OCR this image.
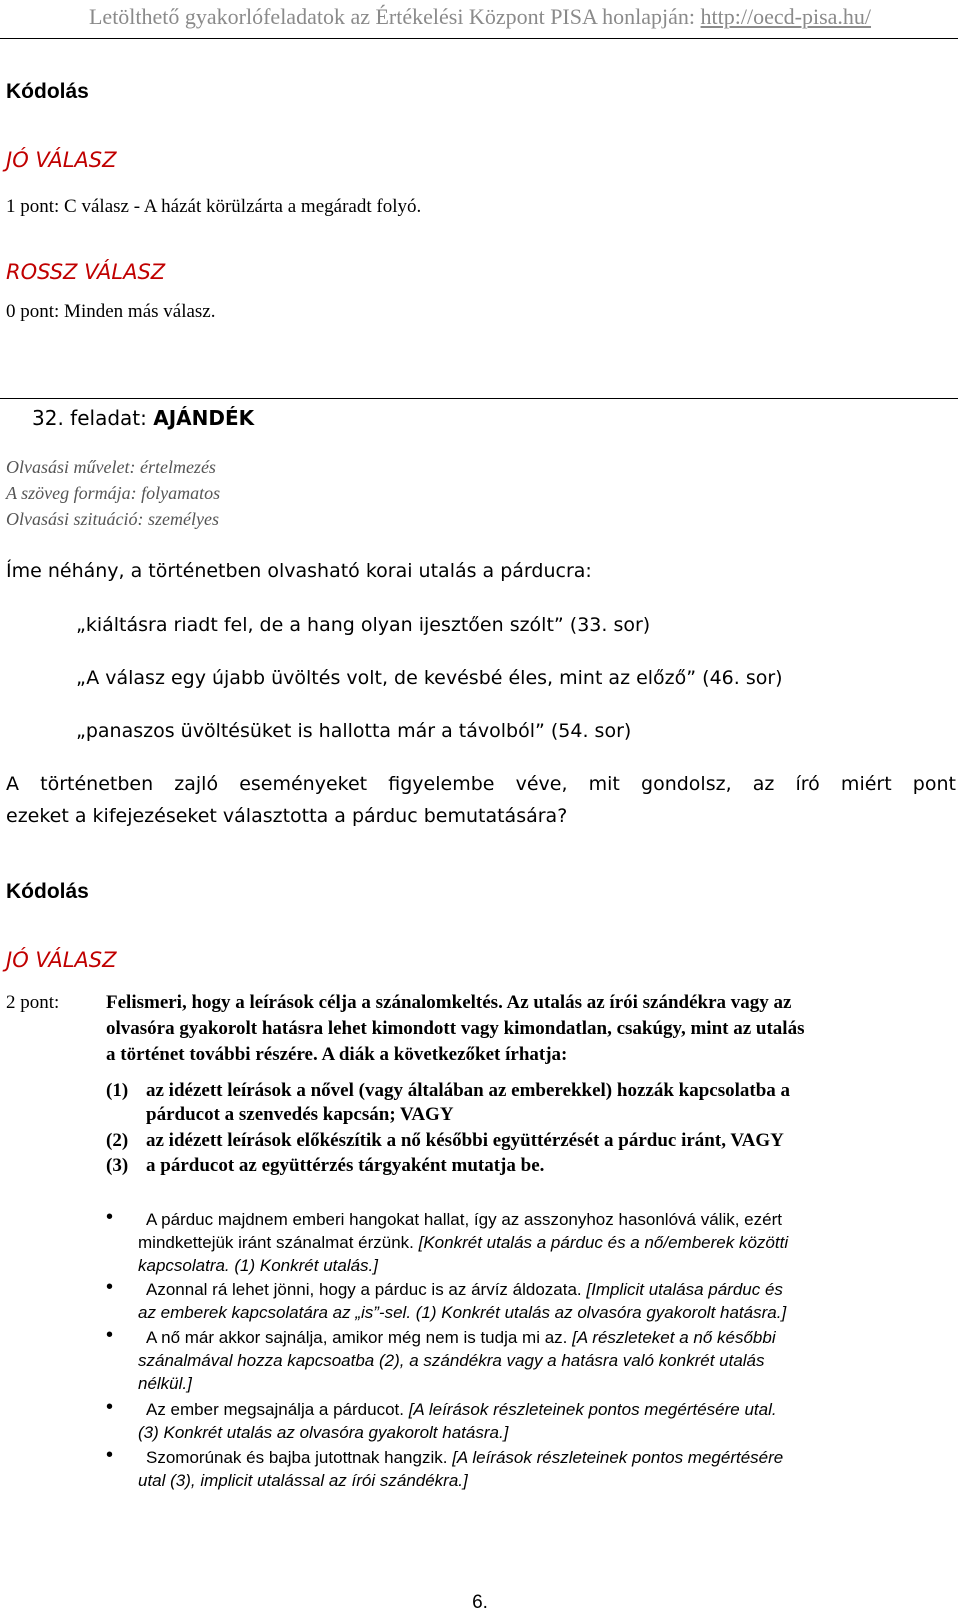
Letölthető gyakorlófeladatok az Értékelési Központ PISA honlapján: http://oecd-pisa.hu/
Kódolás
JÓ VÁLASZ
1 pont: C válasz - A házát körülzárta a megáradt folyó.
ROSSZ VÁLASZ
0 pont: Minden más válasz.
32. feladat: AJÁNDÉK
Olvasási művelet: értelmezés
A szöveg formája: folyamatos
Olvasási szituáció: személyes
Íme néhány, a történetben olvasható korai utalás a párducra:
„kiáltásra riadt fel, de a hang olyan ijesztően szólt” (33. sor)
„A válasz egy újabb üvöltés volt, de kevésbé éles, mint az előző” (46. sor)
„panaszos üvöltésüket is hallotta már a távolból” (54. sor)
A történetben zajló eseményeket figyelembe véve, mit gondolsz, az író miért pont
ezeket a kifejezéseket választotta a párduc bemutatására?
Kódolás
JÓ VÁLASZ
2 pont: Felismeri, hogy a leírások célja a szánalomkeltés. Az utalás az írói szándékra vagy az
olvasóra gyakorolt hatásra lehet kimondott vagy kimondatlan, csakúgy, mint az utalás
a történet további részére. A diák a következőket írhatja:
(1) az idézett leírások a nővel (vagy általában az emberekkel) hozzák kapcsolatba a
párducot a szenvedés kapcsán; VAGY
(2) az idézett leírások előkészítik a nő későbbi együttérzését a párduc iránt, VAGY
(3) a párducot az együttérzés tárgyaként mutatja be.
• A párduc majdnem emberi hangokat hallat, így az asszonyhoz hasonlóvá válik, ezért
mindkettejük iránt szánalmat érzünk. [Konkrét utalás a párduc és a nő/emberek közötti
kapcsolatra. (1) Konkrét utalás.]
• Azonnal rá lehet jönni, hogy a párduc is az árvíz áldozata. [Implicit utalása párduc és
az emberek kapcsolatára az „is”-sel. (1) Konkrét utalás az olvasóra gyakorolt hatásra.]
• A nő már akkor sajnálja, amikor még nem is tudja mi az. [A részleteket a nő későbbi
szánalmával hozza kapcsoatba (2), a szándékra vagy a hatásra való konkrét utalás
nélkül.]
• Az ember megsajnálja a párducot. [A leírások részleteinek pontos megértésére utal.
(3) Konkrét utalás az olvasóra gyakorolt hatásra.]
• Szomorúnak és bajba jutottnak hangzik. [A leírások részleteinek pontos megértésére
utal (3), implicit utalással az írói szándékra.]
6.
